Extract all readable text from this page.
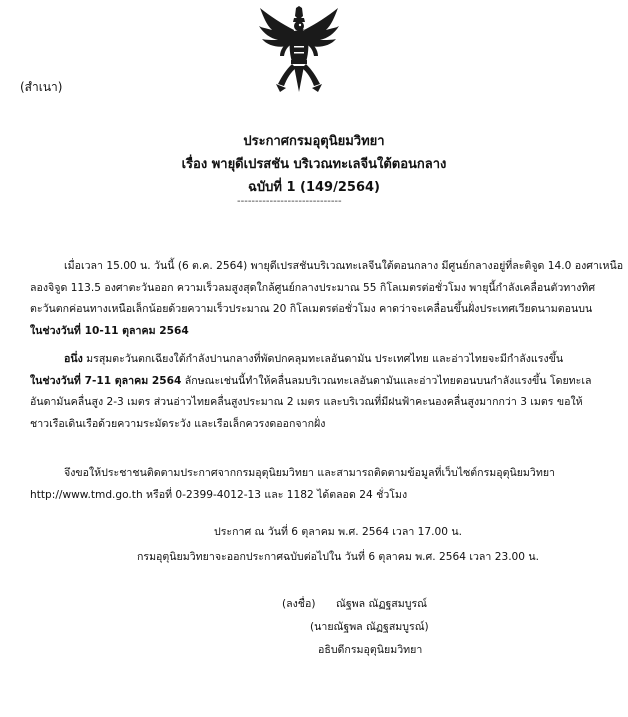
(สำเนา)
ประกาศกรมอุตุนิยมวิทยา
เรื่อง พายุดีเปรสชัน บริเวณทะเลจีนใต้ตอนกลาง
ฉบับที่ 1 (149/2564)
-----------------------------
เมื่อเวลา 15.00 น. วันนี้ (6 ต.ค. 2564) พายุดีเปรสชันบริเวณทะเลจีนใต้ตอนกลาง มีศูนย์กลางอยู่ที่ละติจูด 14.0 องศาเหนือ
ลองจิจูด 113.5 องศาตะวันออก ความเร็วลมสูงสุดใกล้ศูนย์กลางประมาณ 55 กิโลเมตรต่อชั่วโมง พายุนี้กำลังเคลื่อนตัวทางทิศ
ตะวันตกค่อนทางเหนือเล็กน้อยด้วยความเร็วประมาณ 20 กิโลเมตรต่อชั่วโมง คาดว่าจะเคลื่อนขึ้นฝั่งประเทศเวียดนามตอนบน
ในช่วงวันที่ 10-11 ตุลาคม 2564
อนึ่ง มรสุมตะวันตกเฉียงใต้กำลังปานกลางที่พัดปกคลุมทะเลอันดามัน ประเทศไทย และอ่าวไทยจะมีกำลังแรงขึ้น
ในช่วงวันที่ 7-11 ตุลาคม 2564 ลักษณะเช่นนี้ทำให้คลื่นลมบริเวณทะเลอันดามันและอ่าวไทยตอนบนกำลังแรงขึ้น โดยทะเล
อันดามันคลื่นสูง 2-3 เมตร ส่วนอ่าวไทยคลื่นสูงประมาณ 2 เมตร และบริเวณที่มีฝนฟ้าคะนองคลื่นสูงมากกว่า 3 เมตร ขอให้
ชาวเรือเดินเรือด้วยความระมัดระวัง และเรือเล็กควรงดออกจากฝั่ง
จึงขอให้ประชาชนติดตามประกาศจากกรมอุตุนิยมวิทยา และสามารถติดตามข้อมูลที่เว็บไซต์กรมอุตุนิยมวิทยา
http://www.tmd.go.th หรือที่ 0-2399-4012-13 และ 1182 ได้ตลอด 24 ชั่วโมง
ประกาศ ณ วันที่ 6 ตุลาคม พ.ศ. 2564 เวลา 17.00 น.
กรมอุตุนิยมวิทยาจะออกประกาศฉบับต่อไปใน วันที่ 6 ตุลาคม พ.ศ. 2564 เวลา 23.00 น.
(ลงชื่อ) ณัฐพล ณัฏฐสมบูรณ์
(นายณัฐพล ณัฏฐสมบูรณ์)
อธิบดีกรมอุตุนิยมวิทยา
